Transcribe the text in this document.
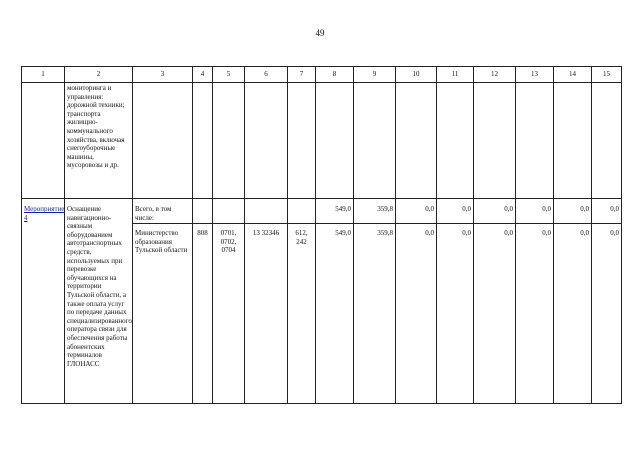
49
1	2	3	4	5	6	7	8	9	10	11	12	13	14	15
	мониторинга и управления: дорожной техники; транспорта жилищно-коммунального хозяйства, включая снегоуборочные машины, мусоровозы и др.													
Мероприятие 4	Оснащение навигационно-связным оборудованием автотранспортных средств, используемых при перевозке обучающихся на территории Тульской области, а также оплата услуг по передаче данных специализированного оператора связи для обеспечения работы абонентских терминалов ГЛОНАСС	Всего, в том числе:					549,0	359,8	0,0	0,0	0,0	0,0	0,0	0,0
		Министерство образования Тульской области	808	0701, 0702, 0704	13 32346	612, 242	549,0	359,8	0,0	0,0	0,0	0,0	0,0	0,0
